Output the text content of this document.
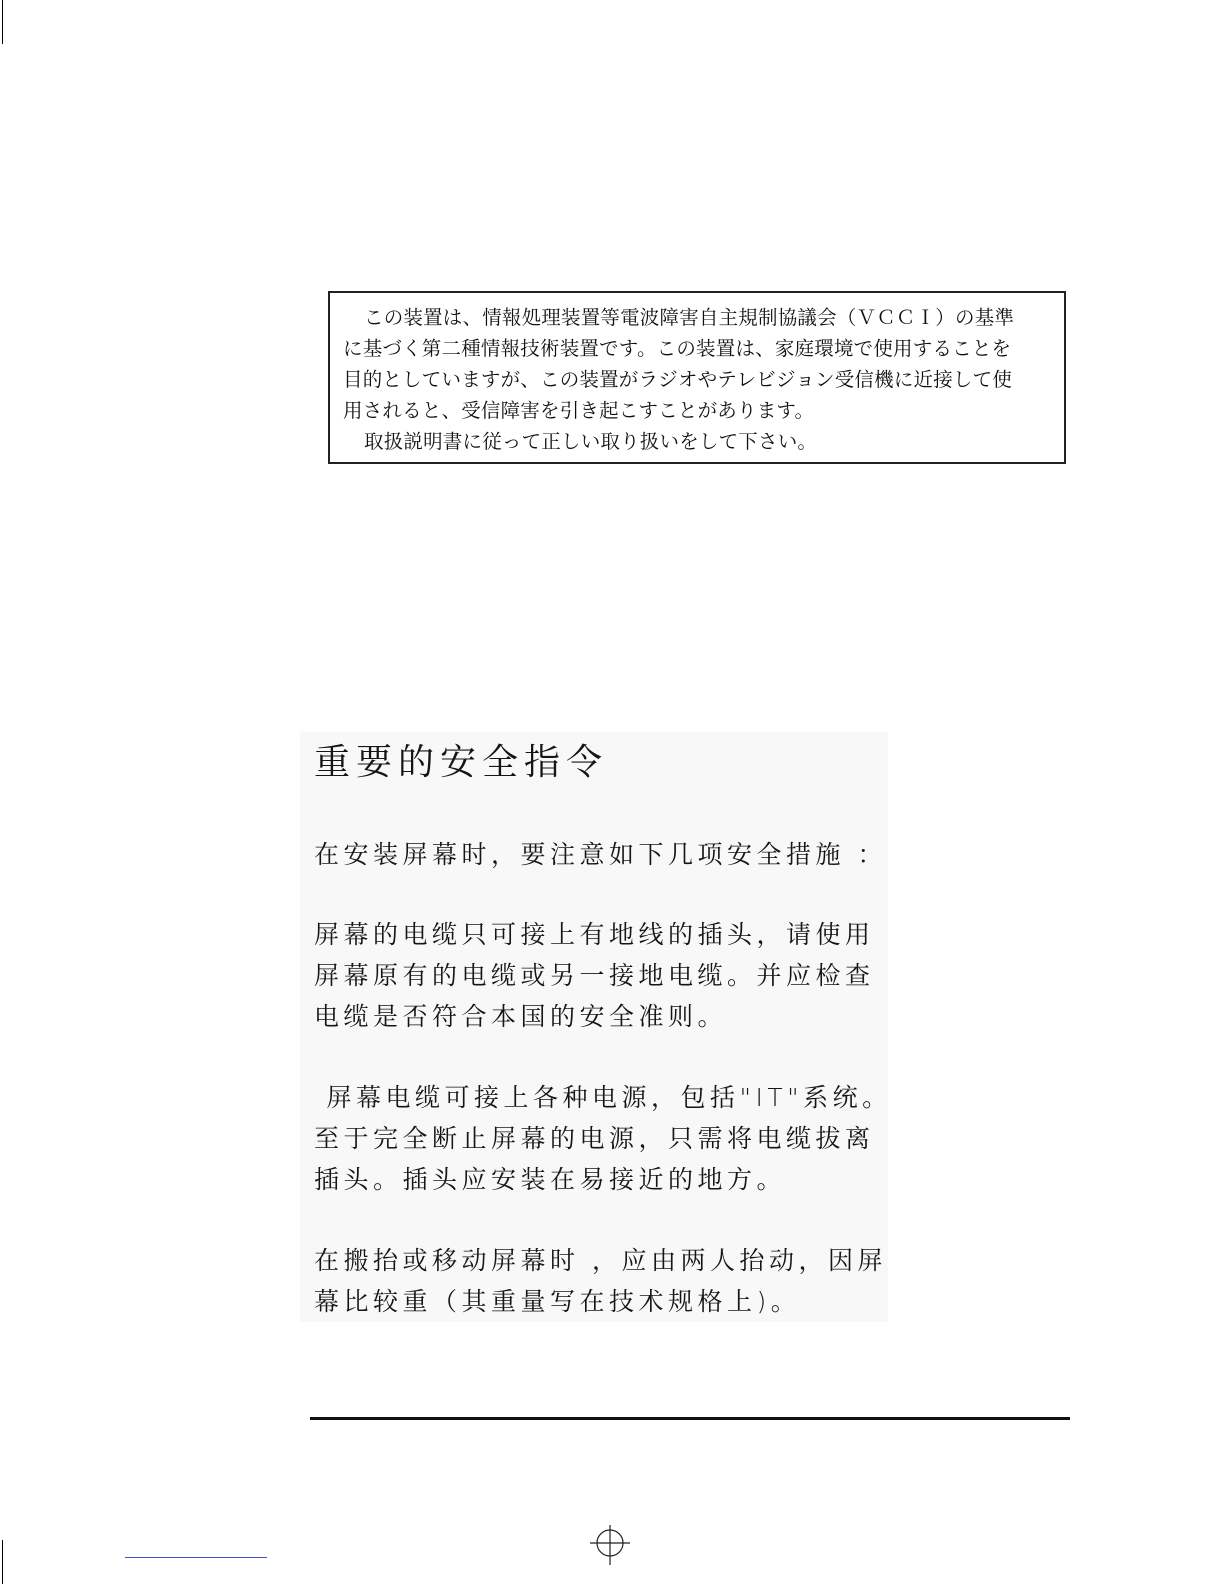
この装置は、情報処理装置等電波障害自主規制協議会（ＶＣＣＩ）の基準
に基づく第二種情報技術装置です。この装置は、家庭環境で使用することを
目的としていますが、この装置がラジオやテレビジョン受信機に近接して使
用されると、受信障害を引き起こすことがあります。
取扱説明書に従って正しい取り扱いをして下さい。
重要的安全指令

在安装屏幕时，要注意如下几项安全措施 ：

屏幕的电缆只可接上有地线的插头，请使用
屏幕原有的电缆或另一接地电缆。并应检查
电缆是否符合本国的安全准则。
屏幕电缆可接上各种电源，包括"IT"系统。
至于完全断止屏幕的电源，只需将电缆拔离
插头。插头应安装在易接近的地方。
在搬抬或移动屏幕时 ，应由两人抬动，因屏
幕比较重（其重量写在技术规格上)。
